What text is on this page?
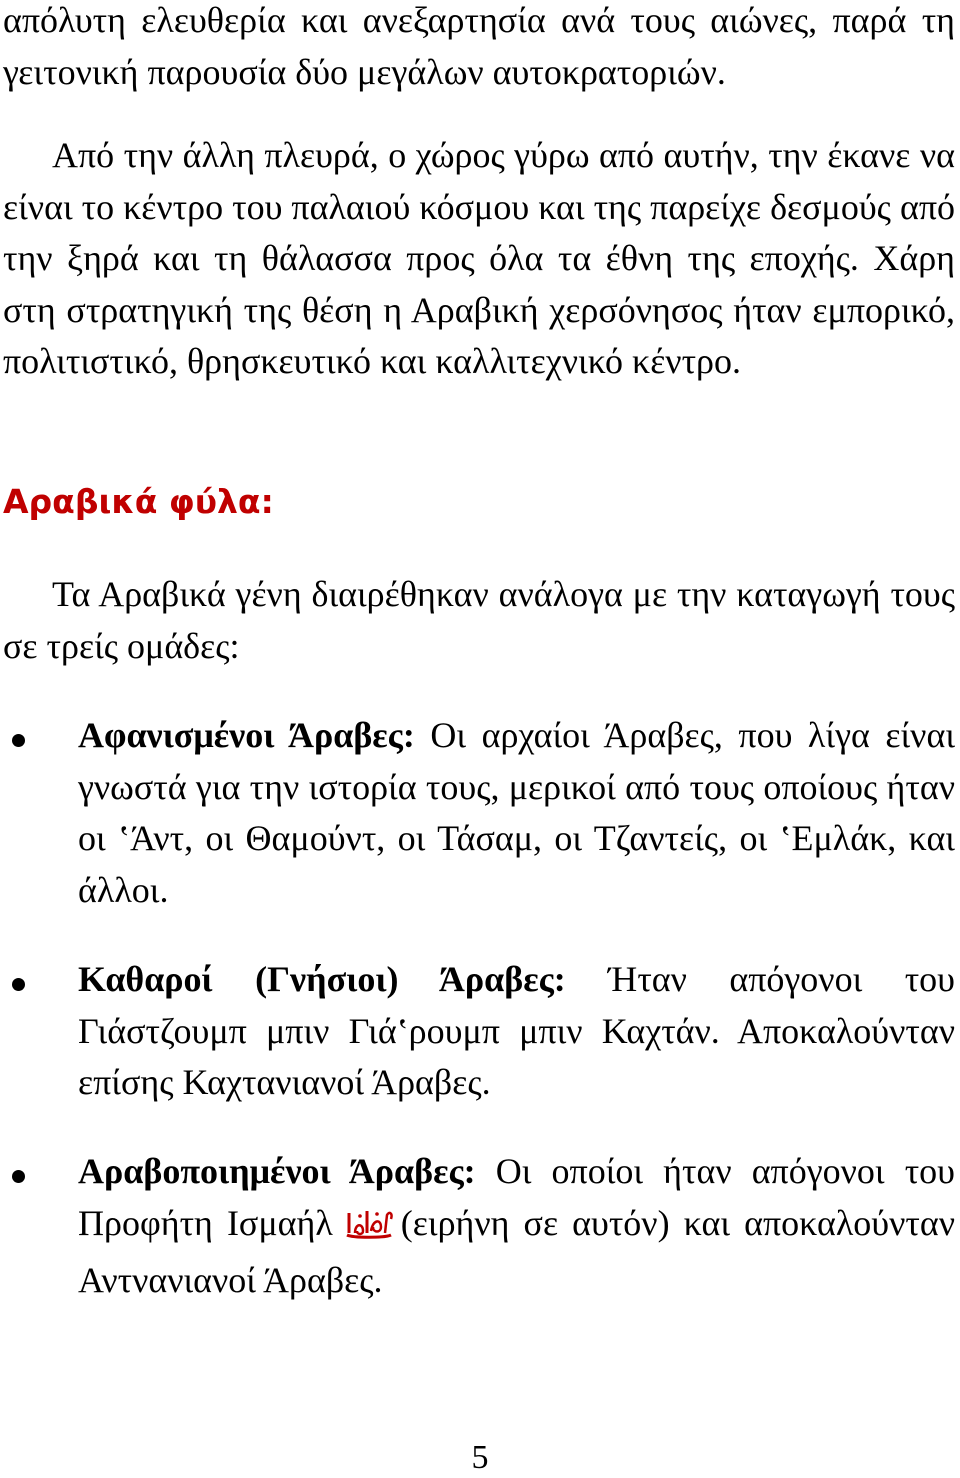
απόλυτη ελευθερία και ανεξαρτησία ανά τους αιώνες, παρά τη γειτονική παρουσία δύο μεγάλων αυτοκρατοριών.

Από την άλλη πλευρά, ο χώρος γύρω από αυτήν, την έκανε να είναι το κέντρο του παλαιού κόσμου και της παρείχε δεσμούς από την ξηρά και τη θάλασσα προς όλα τα έθνη της εποχής. Χάρη στη στρατηγική της θέση η Αραβική χερσόνησος ήταν εμπορικό, πολιτιστικό, θρησκευτικό και καλλιτεχνικό κέντρο.

Αραβικά φύλα:

Τα Αραβικά γένη διαιρέθηκαν ανάλογα με την καταγωγή τους σε τρείς ομάδες:

Αφανισμένοι Άραβες: Οι αρχαίοι Άραβες, που λίγα είναι γνωστά για την ιστορία τους, μερικοί από τους οποίους ήταν οι ‛Άντ, οι Θαμούντ, οι Τάσαμ, οι Τζαντείς, οι ‛Εμλάκ, και άλλοι.

Καθαροί (Γνήσιοι) Άραβες: Ήταν απόγονοι του Γιάστζουμπ μπιν Γιά‛ρουμπ μπιν Καχτάν. Αποκαλούνταν επίσης Καχτανιανοί Άραβες.

Αραβοποιημένοι Άραβες: Οι οποίοι ήταν απόγονοι του Προφήτη Ισμαήλ (ειρήνη σε αυτόν) και αποκαλούνταν Αντνανιανοί Άραβες.

5
